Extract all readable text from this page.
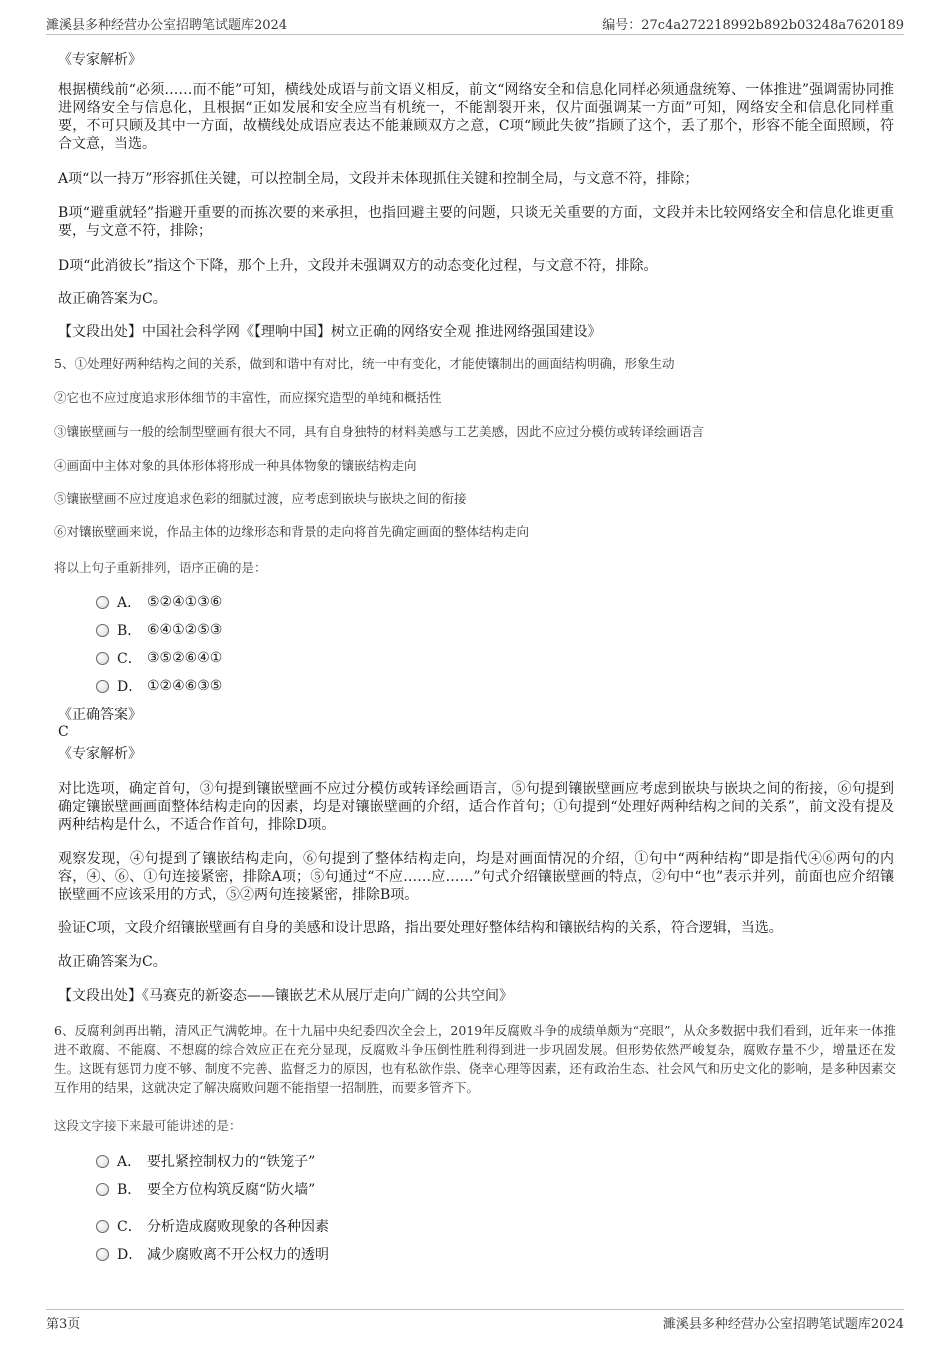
濉溪县多种经营办公室招聘笔试题库2024	编号：27c4a272218992b892b03248a7620189
《专家解析》
根据横线前“必须……而不能”可知，横线处成语与前文语义相反，前文“网络安全和信息化同样必须通盘统筹、一体推进”强调需协同推进网络安全与信息化，且根据“正如发展和安全应当有机统一，不能割裂开来，仅片面强调某一方面”可知，网络安全和信息化同样重要，不可只顾及其中一方面，故横线处成语应表达不能兼顾双方之意，C项“顾此失彼”指顾了这个，丢了那个，形容不能全面照顾，符合文意，当选。
A项“以一持万”形容抓住关键，可以控制全局，文段并未体现抓住关键和控制全局，与文意不符，排除；
B项“避重就轻”指避开重要的而拣次要的来承担，也指回避主要的问题，只谈无关重要的方面，文段并未比较网络安全和信息化谁更重要，与文意不符，排除；
D项“此消彼长”指这个下降，那个上升，文段并未强调双方的动态变化过程，与文意不符，排除。
故正确答案为C。
【文段出处】中国社会科学网《【理响中国】树立正确的网络安全观 推进网络强国建设》
5、①处理好两种结构之间的关系，做到和谐中有对比，统一中有变化，才能使镶制出的画面结构明确，形象生动
②它也不应过度追求形体细节的丰富性，而应探究造型的单纯和概括性
③镶嵌壁画与一般的绘制型壁画有很大不同，具有自身独特的材料美感与工艺美感，因此不应过分模仿或转译绘画语言
④画面中主体对象的具体形体将形成一种具体物象的镶嵌结构走向
⑤镶嵌壁画不应过度追求色彩的细腻过渡，应考虑到嵌块与嵌块之间的衔接
⑥对镶嵌壁画来说，作品主体的边缘形态和背景的走向将首先确定画面的整体结构走向
将以上句子重新排列，语序正确的是：
A． ⑤②④①③⑥
B． ⑥④①②⑤③
C． ③⑤②⑥④①
D． ①②④⑥③⑤
《正确答案》
C
《专家解析》
对比选项，确定首句，③句提到镶嵌壁画不应过分模仿或转译绘画语言，⑤句提到镶嵌壁画应考虑到嵌块与嵌块之间的衔接，⑥句提到确定镶嵌壁画画面整体结构走向的因素，均是对镶嵌壁画的介绍，适合作首句；①句提到“处理好两种结构之间的关系”，前文没有提及两种结构是什么，不适合作首句，排除D项。
观察发现，④句提到了镶嵌结构走向，⑥句提到了整体结构走向，均是对画面情况的介绍，①句中“两种结构”即是指代④⑥两句的内容，④、⑥、①句连接紧密，排除A项；⑤句通过“不应……应……”句式介绍镶嵌壁画的特点，②句中“也”表示并列，前面也应介绍镶嵌壁画不应该采用的方式，⑤②两句连接紧密，排除B项。
验证C项，文段介绍镶嵌壁画有自身的美感和设计思路，指出要处理好整体结构和镶嵌结构的关系，符合逻辑，当选。
故正确答案为C。
【文段出处】《马赛克的新姿态——镶嵌艺术从展厅走向广阔的公共空间》
6、反腐利剑再出鞘，清风正气满乾坤。在十九届中央纪委四次全会上，2019年反腐败斗争的成绩单颇为“亮眼”，从众多数据中我们看到，近年来一体推进不敢腐、不能腐、不想腐的综合效应正在充分显现，反腐败斗争压倒性胜利得到进一步巩固发展。但形势依然严峻复杂，腐败存量不少，增量还在发生。这既有惩罚力度不够、制度不完善、监督乏力的原因，也有私欲作祟、侥幸心理等因素，还有政治生态、社会风气和历史文化的影响，是多种因素交互作用的结果，这就决定了解决腐败问题不能指望一招制胜，而要多管齐下。
这段文字接下来最可能讲述的是：
A． 要扎紧控制权力的“铁笼子”
B． 要全方位构筑反腐“防火墙”
C． 分析造成腐败现象的各种因素
D． 减少腐败离不开公权力的透明
第3页	濉溪县多种经营办公室招聘笔试题库2024
